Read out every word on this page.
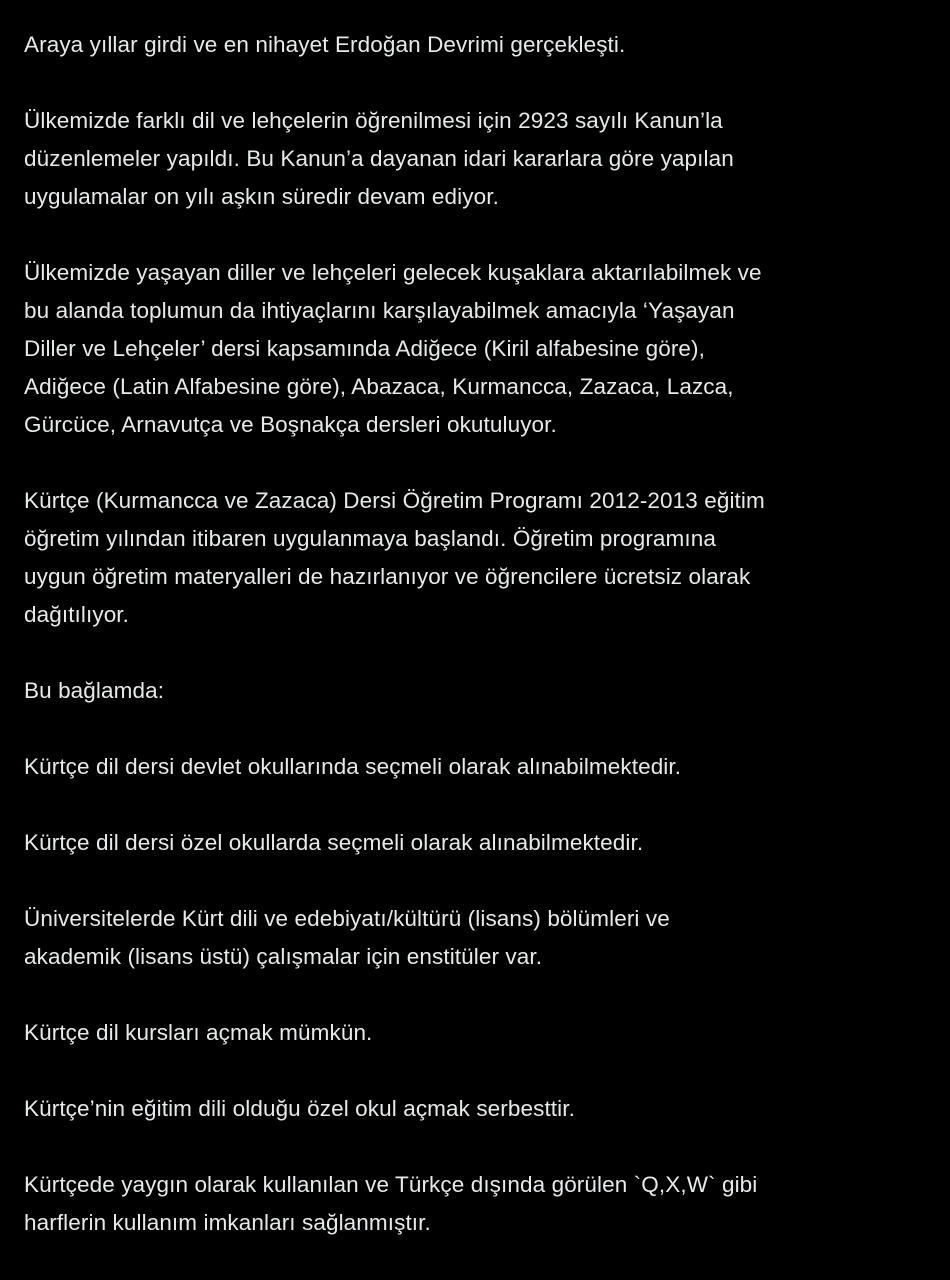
Araya yıllar girdi ve en nihayet Erdoğan Devrimi gerçekleşti.

Ülkemizde farklı dil ve lehçelerin öğrenilmesi için 2923 sayılı Kanun’la
düzenlemeler yapıldı. Bu Kanun’a dayanan idari kararlara göre yapılan
uygulamalar on yılı aşkın süredir devam ediyor.

Ülkemizde yaşayan diller ve lehçeleri gelecek kuşaklara aktarılabilmek ve
bu alanda toplumun da ihtiyaçlarını karşılayabilmek amacıyla ‘Yaşayan
Diller ve Lehçeler’ dersi kapsamında Adiğece (Kiril alfabesine göre),
Adiğece (Latin Alfabesine göre), Abazaca, Kurmancca, Zazaca, Lazca,
Gürcüce, Arnavutça ve Boşnakça dersleri okutuluyor.

Kürtçe (Kurmancca ve Zazaca) Dersi Öğretim Programı 2012-2013 eğitim
öğretim yılından itibaren uygulanmaya başlandı. Öğretim programına
uygun öğretim materyalleri de hazırlanıyor ve öğrencilere ücretsiz olarak
dağıtılıyor.

Bu bağlamda:

Kürtçe dil dersi devlet okullarında seçmeli olarak alınabilmektedir.

Kürtçe dil dersi özel okullarda seçmeli olarak alınabilmektedir.

Üniversitelerde Kürt dili ve edebiyatı/kültürü (lisans) bölümleri ve
akademik (lisans üstü) çalışmalar için enstitüler var.

Kürtçe dil kursları açmak mümkün.

Kürtçe’nin eğitim dili olduğu özel okul açmak serbesttir.

Kürtçede yaygın olarak kullanılan ve Türkçe dışında görülen `Q,X,W` gibi
harflerin kullanım imkanları sağlanmıştır.
